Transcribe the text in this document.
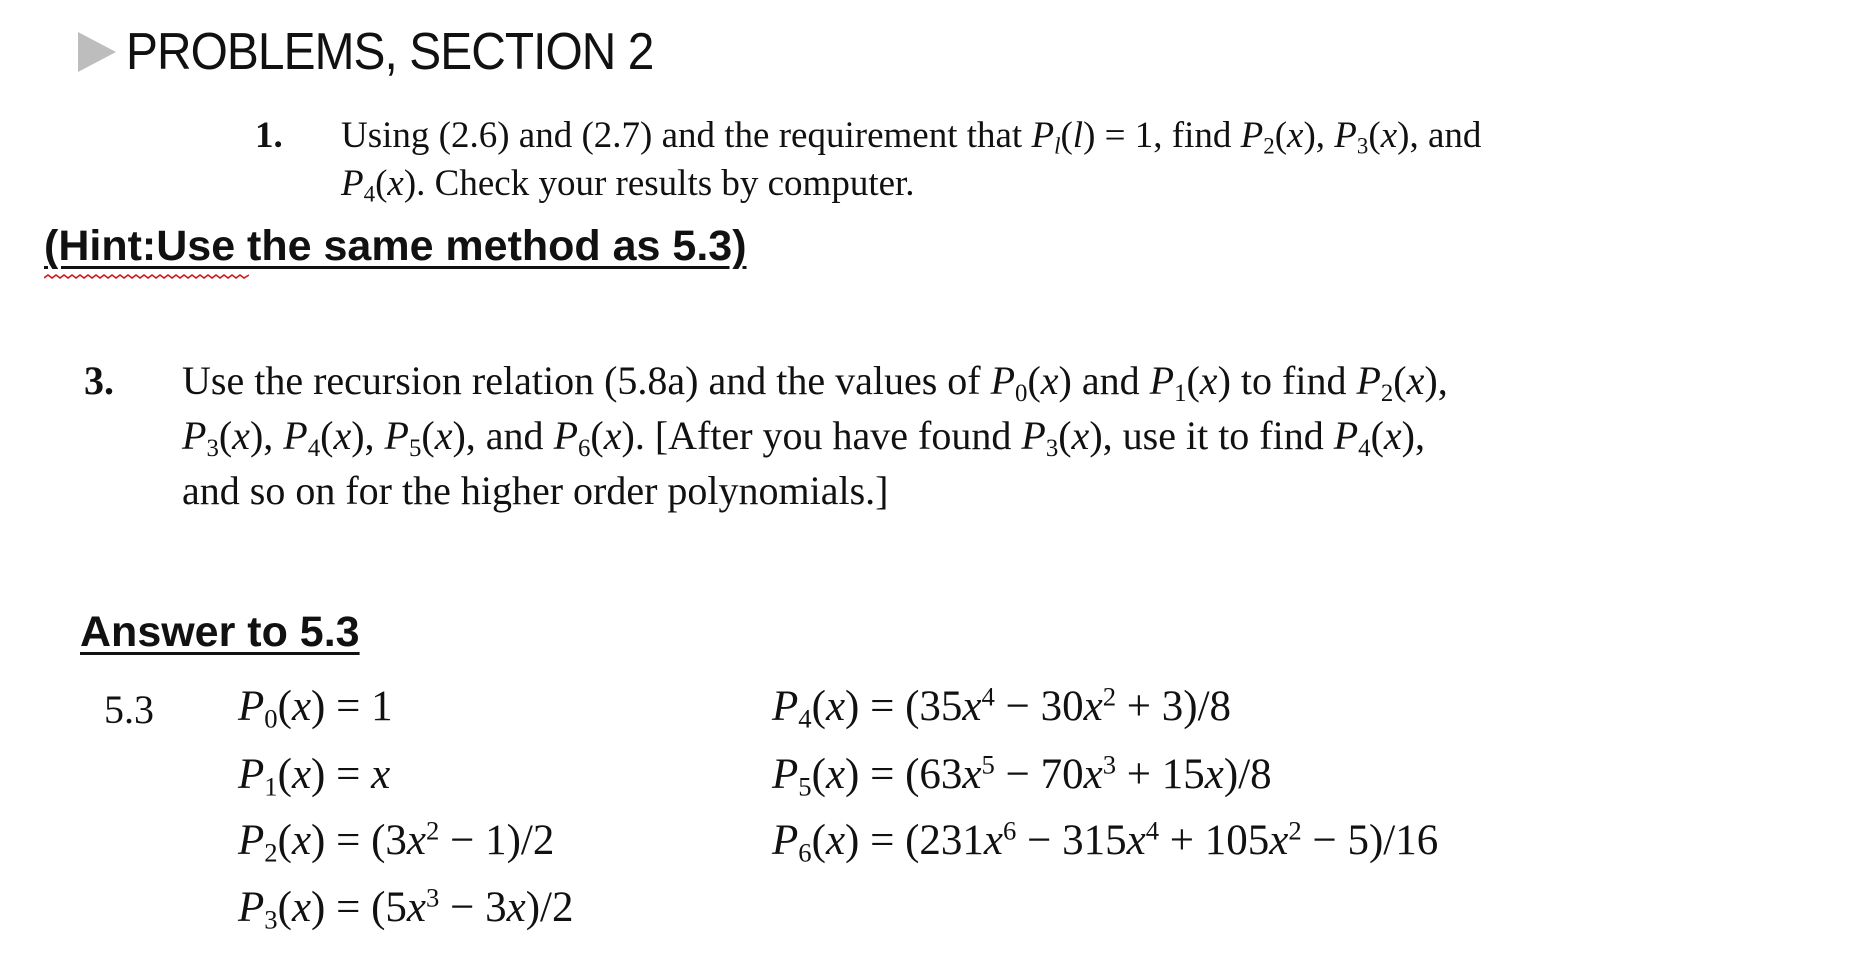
PROBLEMS, SECTION 2
1. Using (2.6) and (2.7) and the requirement that $P_l(l) = 1$, find $P_2(x)$, $P_3(x)$, and
$P_4(x)$. Check your results by computer.
(Hint:Use the same method as 5.3)
3. Use the recursion relation (5.8a) and the values of $P_0(x)$ and $P_1(x)$ to find $P_2(x)$,
$P_3(x)$, $P_4(x)$, $P_5(x)$, and $P_6(x)$. [After you have found $P_3(x)$, use it to find $P_4(x)$,
and so on for the higher order polynomials.]
Answer to 5.3
5.3 $P_0(x) = 1$
$P_1(x) = x$
$P_2(x) = (3x^2 - 1)/2$
$P_3(x) = (5x^3 - 3x)/2$
$P_4(x) = (35x^4 - 30x^2 + 3)/8$
$P_5(x) = (63x^5 - 70x^3 + 15x)/8$
$P_6(x) = (231x^6 - 315x^4 + 105x^2 - 5)/16$
